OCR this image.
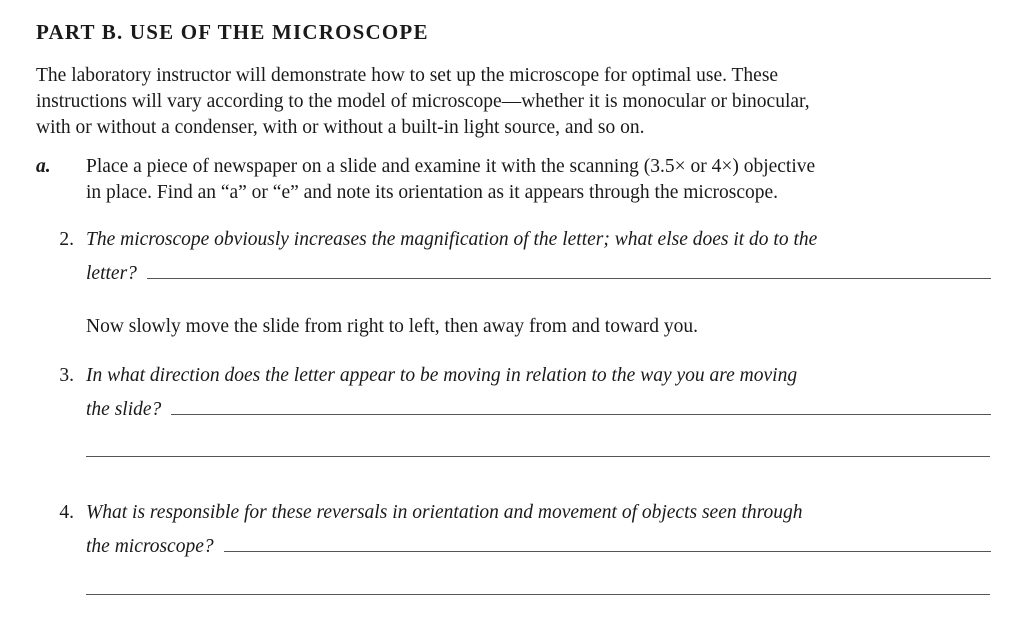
PART B. USE OF THE MICROSCOPE
The laboratory instructor will demonstrate how to set up the microscope for optimal use. These
instructions will vary according to the model of microscope—whether it is monocular or binocular,
with or without a condenser, with or without a built-in light source, and so on.
a.	Place a piece of newspaper on a slide and examine it with the scanning (3.5× or 4×) objective
in place. Find an “a” or “e” and note its orientation as it appears through the microscope.
2. The microscope obviously increases the magnification of the letter; what else does it do to the
letter?
Now slowly move the slide from right to left, then away from and toward you.
3. In what direction does the letter appear to be moving in relation to the way you are moving
the slide?
4. What is responsible for these reversals in orientation and movement of objects seen through
the microscope?
